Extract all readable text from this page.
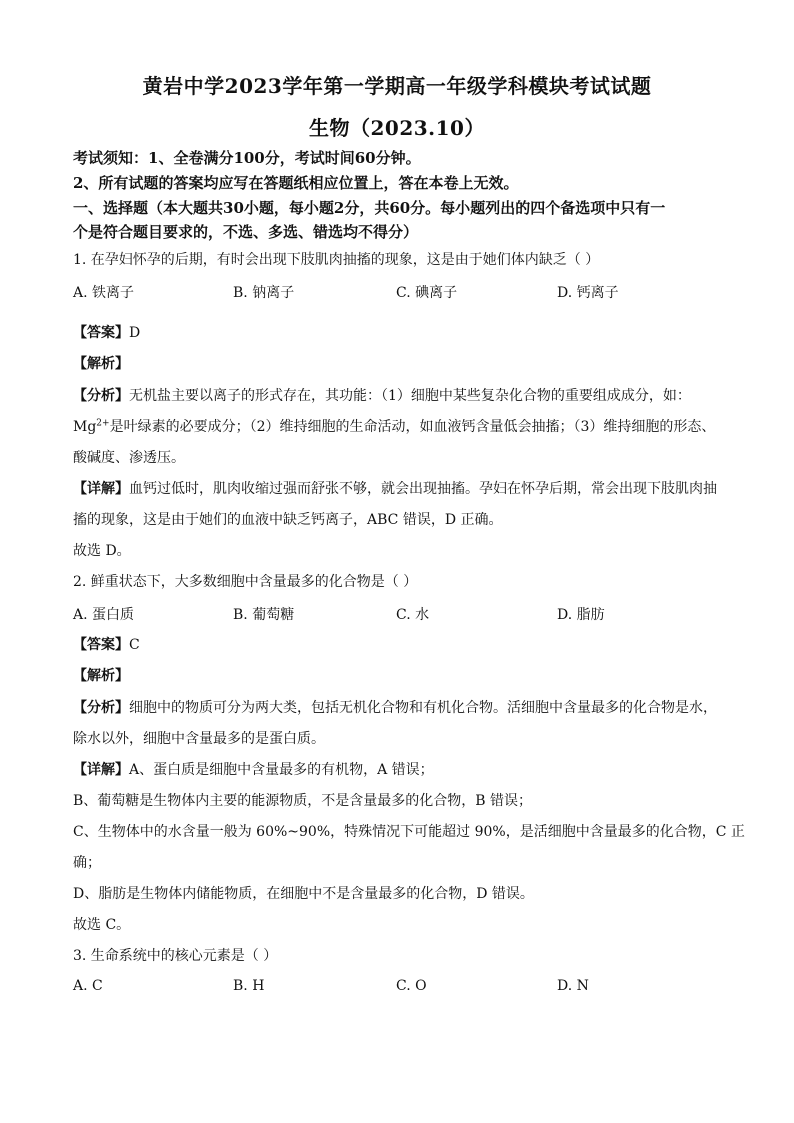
黄岩中学2023学年第一学期高一年级学科模块考试试题
生物（2023.10）
考试须知：1、全卷满分100分，考试时间60分钟。
2、所有试题的答案均应写在答题纸相应位置上，答在本卷上无效。
一、选择题（本大题共30小题，每小题2分，共60分。每小题列出的四个备选项中只有一
个是符合题目要求的，不选、多选、错选均不得分）
1. 在孕妇怀孕的后期，有时会出现下肢肌肉抽搐的现象，这是由于她们体内缺乏（ ）
A. 铁离子	B. 钠离子	C. 碘离子	D. 钙离子
【答案】D
【解析】
【分析】无机盐主要以离子的形式存在，其功能：（1）细胞中某些复杂化合物的重要组成成分，如：
$Mg^{2+}$是叶绿素的必要成分；（2）维持细胞的生命活动，如血液钙含量低会抽搐；（3）维持细胞的形态、
酸碱度、渗透压。
【详解】血钙过低时，肌肉收缩过强而舒张不够，就会出现抽搐。孕妇在怀孕后期，常会出现下肢肌肉抽
搐的现象，这是由于她们的血液中缺乏钙离子，ABC 错误，D 正确。
故选 D。
2. 鲜重状态下，大多数细胞中含量最多的化合物是（ ）
A. 蛋白质	B. 葡萄糖	C. 水	D. 脂肪
【答案】C
【解析】
【分析】细胞中的物质可分为两大类，包括无机化合物和有机化合物。活细胞中含量最多的化合物是水，
除水以外，细胞中含量最多的是蛋白质。
【详解】A、蛋白质是细胞中含量最多的有机物，A 错误；
B、葡萄糖是生物体内主要的能源物质，不是含量最多的化合物，B 错误；
C、生物体中的水含量一般为 60%~90%，特殊情况下可能超过 90%，是活细胞中含量最多的化合物，C 正
确；
D、脂肪是生物体内储能物质，在细胞中不是含量最多的化合物，D 错误。
故选 C。
3. 生命系统中的核心元素是（ ）
A. C	B. H	C. O	D. N
